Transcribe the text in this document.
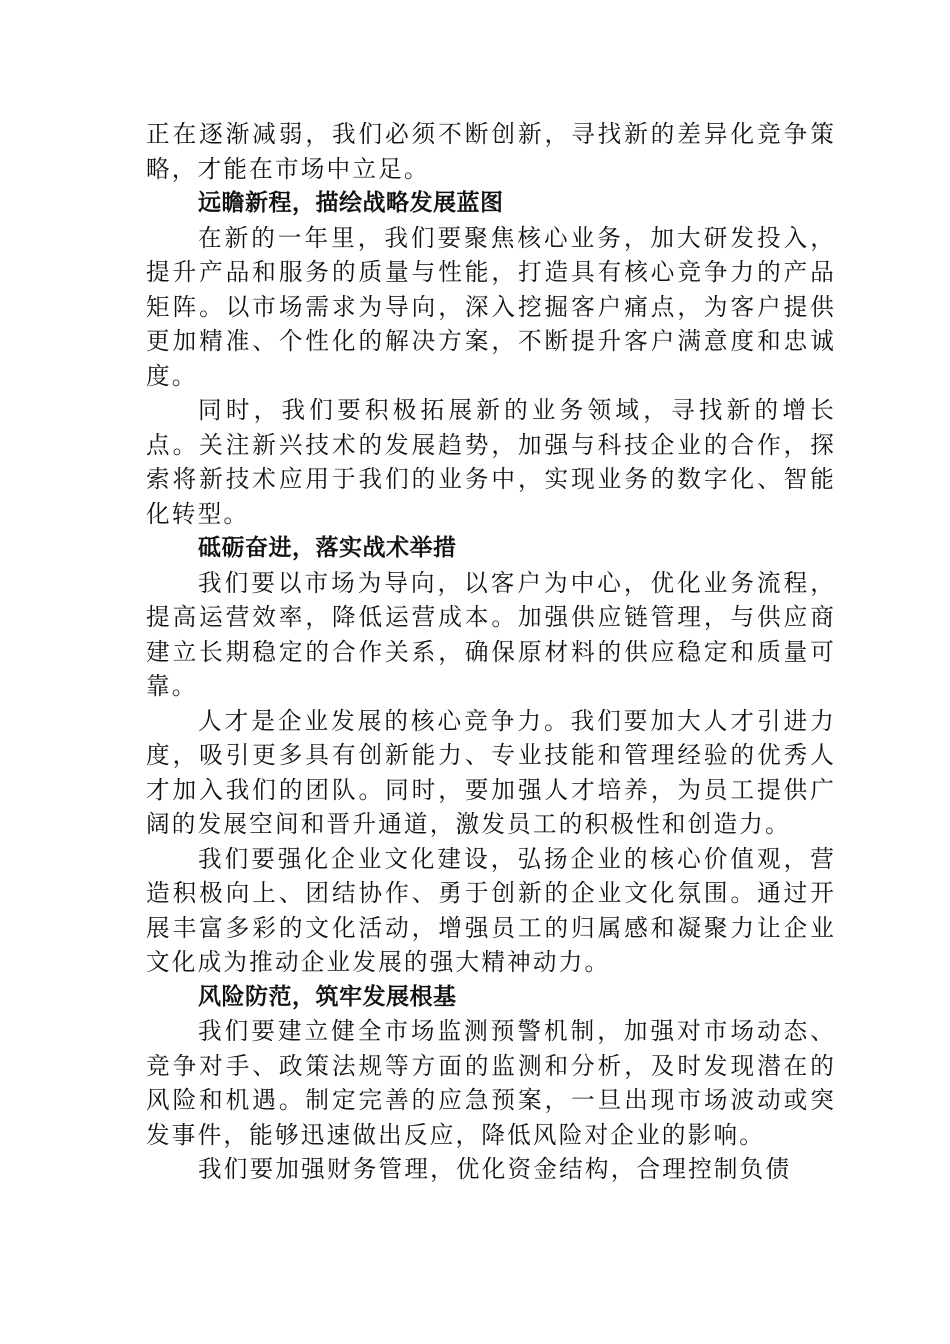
正在逐渐减弱，我们必须不断创新，寻找新的差异化竞争策略，才能在市场中立足。

远瞻新程，描绘战略发展蓝图

在新的一年里，我们要聚焦核心业务，加大研发投入，提升产品和服务的质量与性能，打造具有核心竞争力的产品矩阵。以市场需求为导向，深入挖掘客户痛点，为客户提供更加精准、个性化的解决方案，不断提升客户满意度和忠诚度。

同时，我们要积极拓展新的业务领域，寻找新的增长点。关注新兴技术的发展趋势，加强与科技企业的合作，探索将新技术应用于我们的业务中，实现业务的数字化、智能化转型。

砥砺奋进，落实战术举措

我们要以市场为导向，以客户为中心，优化业务流程，提高运营效率，降低运营成本。加强供应链管理，与供应商建立长期稳定的合作关系，确保原材料的供应稳定和质量可靠。

人才是企业发展的核心竞争力。我们要加大人才引进力度，吸引更多具有创新能力、专业技能和管理经验的优秀人才加入我们的团队。同时，要加强人才培养，为员工提供广阔的发展空间和晋升通道，激发员工的积极性和创造力。

我们要强化企业文化建设，弘扬企业的核心价值观，营造积极向上、团结协作、勇于创新的企业文化氛围。通过开展丰富多彩的文化活动，增强员工的归属感和凝聚力让企业文化成为推动企业发展的强大精神动力。

风险防范，筑牢发展根基

我们要建立健全市场监测预警机制，加强对市场动态、竞争对手、政策法规等方面的监测和分析，及时发现潜在的风险和机遇。制定完善的应急预案，一旦出现市场波动或突发事件，能够迅速做出反应，降低风险对企业的影响。

我们要加强财务管理，优化资金结构，合理控制负债
